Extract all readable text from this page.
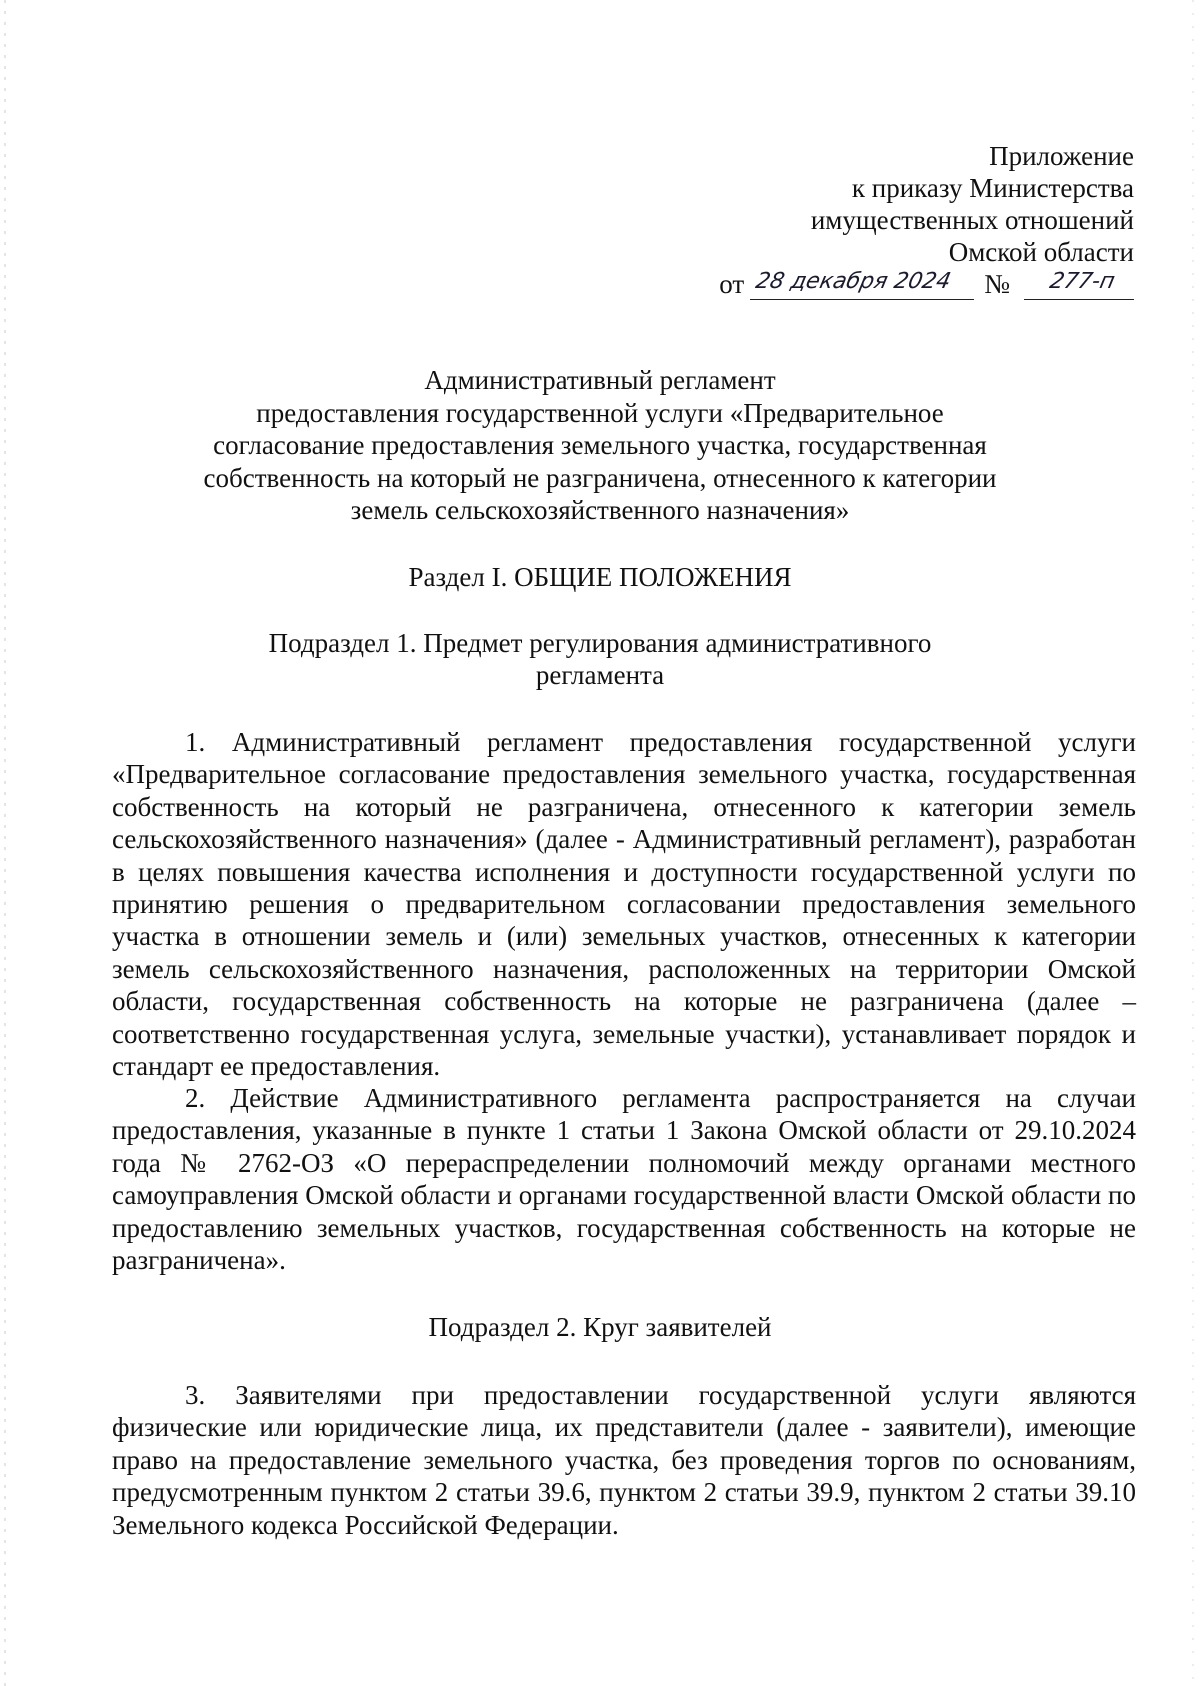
Приложение
к приказу Министерства
имущественных отношений
Омской области
от 28 декабря 2024 № 277-п
Административный регламент
предоставления государственной услуги «Предварительное
согласование предоставления земельного участка, государственная
собственность на который не разграничена, отнесенного к категории
земель сельскохозяйственного назначения»
Раздел I. ОБЩИЕ ПОЛОЖЕНИЯ
Подраздел 1. Предмет регулирования административного
регламента

1. Административный регламент предоставления государственной услуги «Предварительное согласование предоставления земельного участка, государственная собственность на который не разграничена, отнесенного к категории земель сельскохозяйственного назначения» (далее - Административный регламент), разработан в целях повышения качества исполнения и доступности государственной услуги по принятию решения о предварительном согласовании предоставления земельного участка в отношении земель и (или) земельных участков, отнесенных к категории земель сельскохозяйственного назначения, расположенных на территории Омской области, государственная собственность на которые не разграничена (далее – соответственно государственная услуга, земельные участки), устанавливает порядок и стандарт ее предоставления.

2. Действие Административного регламента распространяется на случаи предоставления, указанные в пункте 1 статьи 1 Закона Омской области от 29.10.2024 года № 2762-ОЗ «О перераспределении полномочий между органами местного самоуправления Омской области и органами государственной власти Омской области по предоставлению земельных участков, государственная собственность на которые не разграничена».

Подраздел 2. Круг заявителей

3. Заявителями при предоставлении государственной услуги являются физические или юридические лица, их представители (далее - заявители), имеющие право на предоставление земельного участка, без проведения торгов по основаниям, предусмотренным пунктом 2 статьи 39.6, пунктом 2 статьи 39.9, пунктом 2 статьи 39.10 Земельного кодекса Российской Федерации.
